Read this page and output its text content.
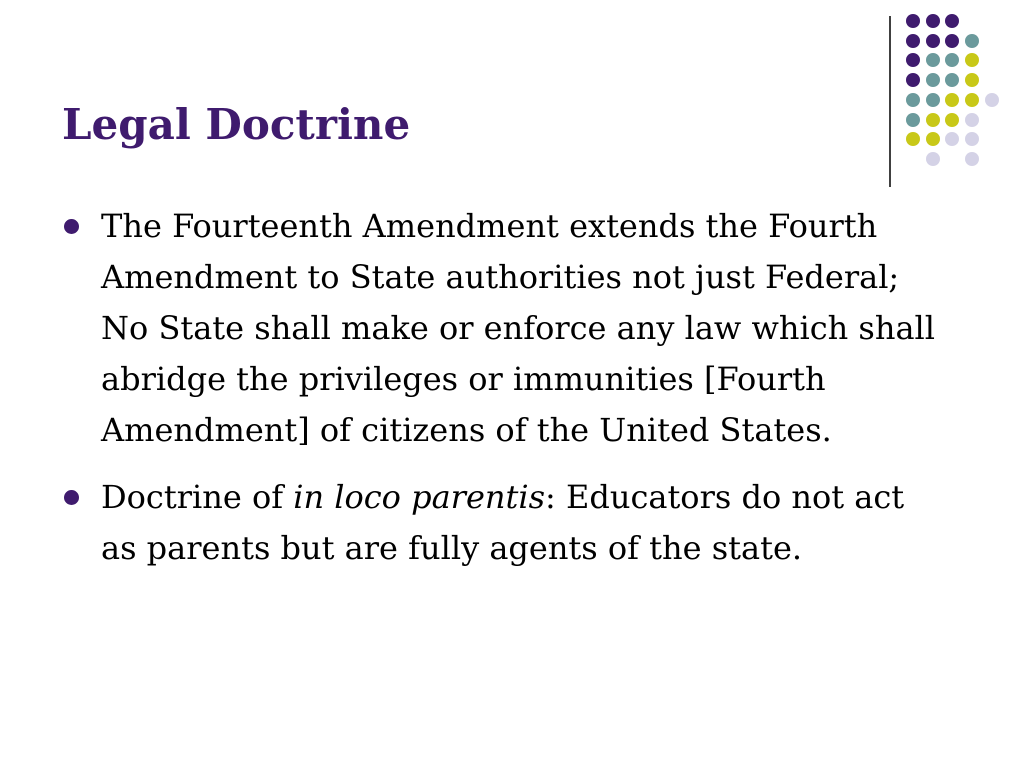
Legal Doctrine
The Fourteenth Amendment extends the Fourth Amendment to State authorities not just Federal; No State shall make or enforce any law which shall abridge the privileges or immunities [Fourth Amendment] of citizens of the United States.
Doctrine of in loco parentis: Educators do not act as parents but are fully agents of the state.
